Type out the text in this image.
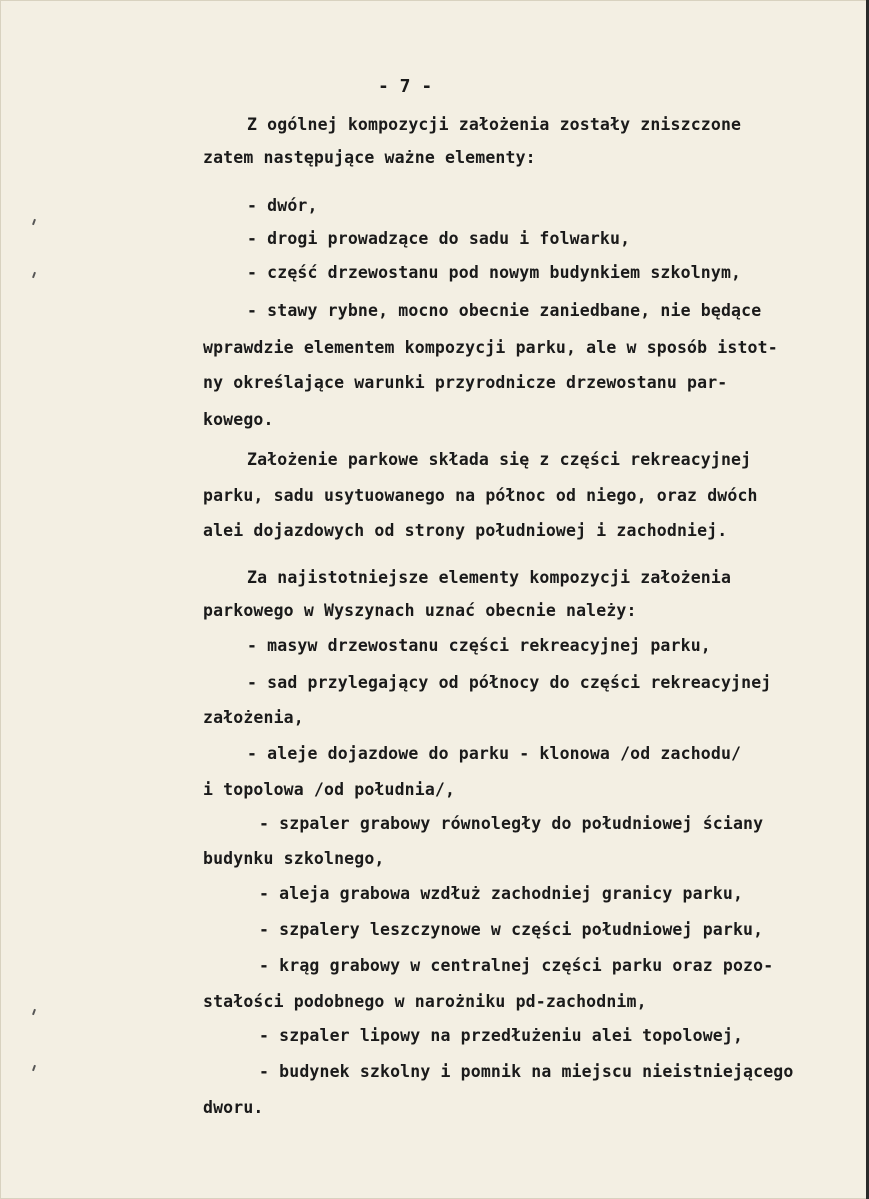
- 7 -
Z ogólnej kompozycji założenia zostały zniszczone
zatem następujące ważne elementy:
- dwór,
- drogi prowadzące do sadu i folwarku,
- część drzewostanu pod nowym budynkiem szkolnym,
- stawy rybne, mocno obecnie zaniedbane, nie będące
wprawdzie elementem kompozycji parku, ale w sposób istot-
ny określające warunki przyrodnicze drzewostanu par-
kowego.
Założenie parkowe składa się z części rekreacyjnej
parku, sadu usytuowanego na północ od niego, oraz dwóch
alei dojazdowych od strony południowej i zachodniej.
Za najistotniejsze elementy kompozycji założenia
parkowego w Wyszynach uznać obecnie należy:
- masyw drzewostanu części rekreacyjnej parku,
- sad przylegający od północy do części rekreacyjnej
założenia,
- aleje dojazdowe do parku - klonowa /od zachodu/
i topolowa /od południa/,
- szpaler grabowy równoległy do południowej ściany
budynku szkolnego,
- aleja grabowa wzdłuż zachodniej granicy parku,
- szpalery leszczynowe w części południowej parku,
- krąg grabowy w centralnej części parku oraz pozo-
stałości podobnego w narożniku pd-zachodnim,
- szpaler lipowy na przedłużeniu alei topolowej,
- budynek szkolny i pomnik na miejscu nieistniejącego
dworu.
